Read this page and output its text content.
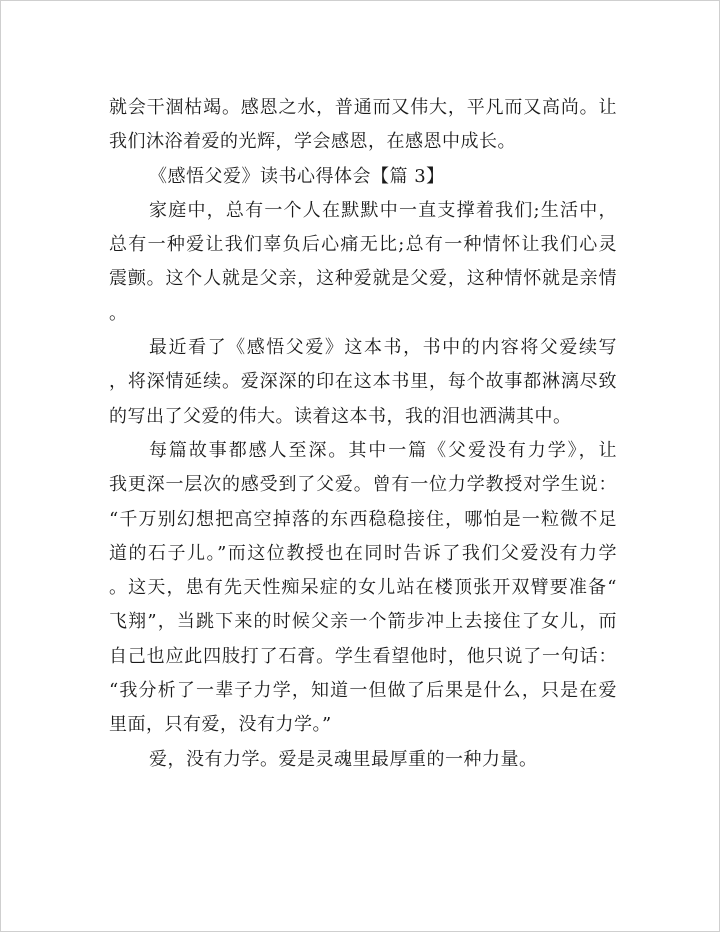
就会干涸枯竭。感恩之水，普通而又伟大，平凡而又高尚。让
我们沐浴着爱的光辉，学会感恩，在感恩中成长。
《感悟父爱》读书心得体会【篇 3】
家庭中，总有一个人在默默中一直支撑着我们;生活中，
总有一种爱让我们辜负后心痛无比;总有一种情怀让我们心灵
震颤。这个人就是父亲，这种爱就是父爱，这种情怀就是亲情
。
最近看了《感悟父爱》这本书，书中的内容将父爱续写
，将深情延续。爱深深的印在这本书里，每个故事都淋漓尽致
的写出了父爱的伟大。读着这本书，我的泪也洒满其中。
每篇故事都感人至深。其中一篇《父爱没有力学》，让
我更深一层次的感受到了父爱。曾有一位力学教授对学生说：
“千万别幻想把高空掉落的东西稳稳接住，哪怕是一粒微不足
道的石子儿。”而这位教授也在同时告诉了我们父爱没有力学
。这天，患有先天性痴呆症的女儿站在楼顶张开双臂要准备“
飞翔”，当跳下来的时候父亲一个箭步冲上去接住了女儿，而
自己也应此四肢打了石膏。学生看望他时，他只说了一句话：
“我分析了一辈子力学，知道一但做了后果是什么，只是在爱
里面，只有爱，没有力学。”
爱，没有力学。爱是灵魂里最厚重的一种力量。
